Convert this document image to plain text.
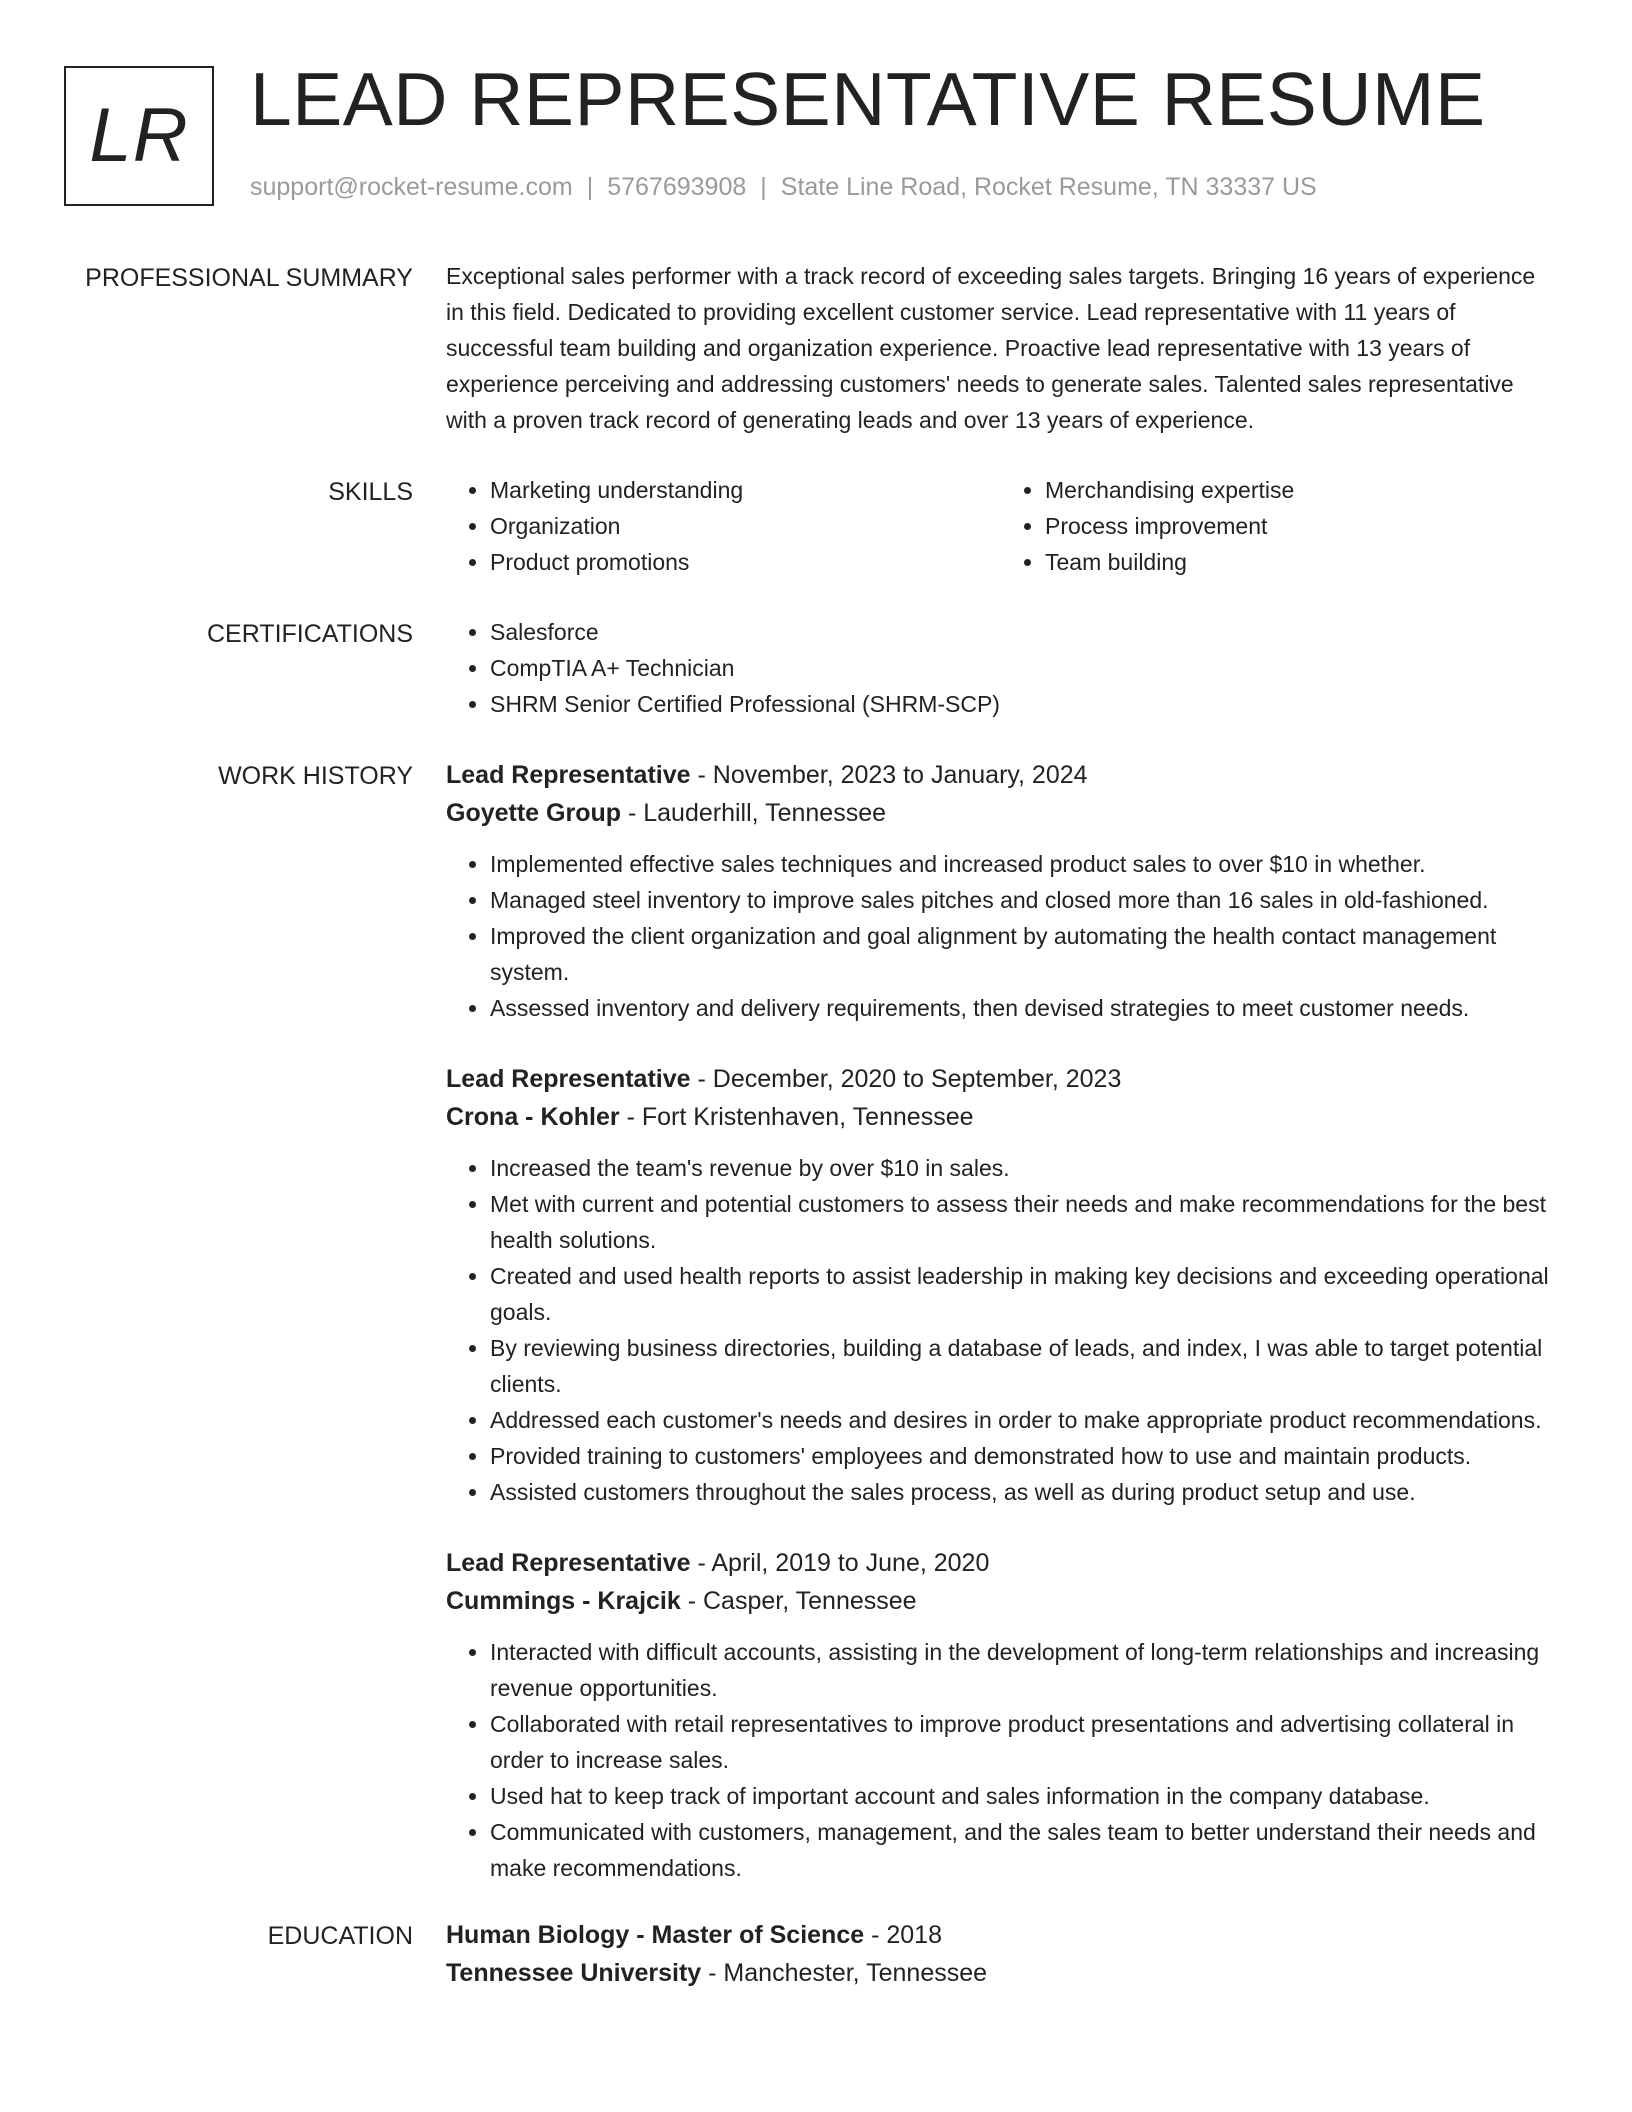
LR LEAD REPRESENTATIVE RESUME
support@rocket-resume.com | 5767693908 | State Line Road, Rocket Resume, TN 33337 US
PROFESSIONAL SUMMARY Exceptional sales performer with a track record of exceeding sales targets. Bringing 16 years of experience in this field. Dedicated to providing excellent customer service. Lead representative with 11 years of successful team building and organization experience. Proactive lead representative with 13 years of experience perceiving and addressing customers' needs to generate sales. Talented sales representative with a proven track record of generating leads and over 13 years of experience.
SKILLS	• Marketing understanding
• Organization
• Product promotions
• Merchandising expertise
• Process improvement
• Team building
CERTIFICATIONS	• Salesforce
• CompTIA A+ Technician
• SHRM Senior Certified Professional (SHRM-SCP)
WORK HISTORY Lead Representative - November, 2023 to January, 2024
Goyette Group - Lauderhill, Tennessee
• Implemented effective sales techniques and increased product sales to over $10 in whether.
• Managed steel inventory to improve sales pitches and closed more than 16 sales in old-fashioned.
• Improved the client organization and goal alignment by automating the health contact management system.
• Assessed inventory and delivery requirements, then devised strategies to meet customer needs.
Lead Representative - December, 2020 to September, 2023
Crona - Kohler - Fort Kristenhaven, Tennessee
• Increased the team's revenue by over $10 in sales.
• Met with current and potential customers to assess their needs and make recommendations for the best health solutions.
• Created and used health reports to assist leadership in making key decisions and exceeding operational goals.
• By reviewing business directories, building a database of leads, and index, I was able to target potential clients.
• Addressed each customer's needs and desires in order to make appropriate product recommendations.
• Provided training to customers' employees and demonstrated how to use and maintain products.
• Assisted customers throughout the sales process, as well as during product setup and use.
Lead Representative - April, 2019 to June, 2020
Cummings - Krajcik - Casper, Tennessee
• Interacted with difficult accounts, assisting in the development of long-term relationships and increasing revenue opportunities.
• Collaborated with retail representatives to improve product presentations and advertising collateral in order to increase sales.
• Used hat to keep track of important account and sales information in the company database.
• Communicated with customers, management, and the sales team to better understand their needs and make recommendations.
EDUCATION Human Biology - Master of Science - 2018
Tennessee University - Manchester, Tennessee
